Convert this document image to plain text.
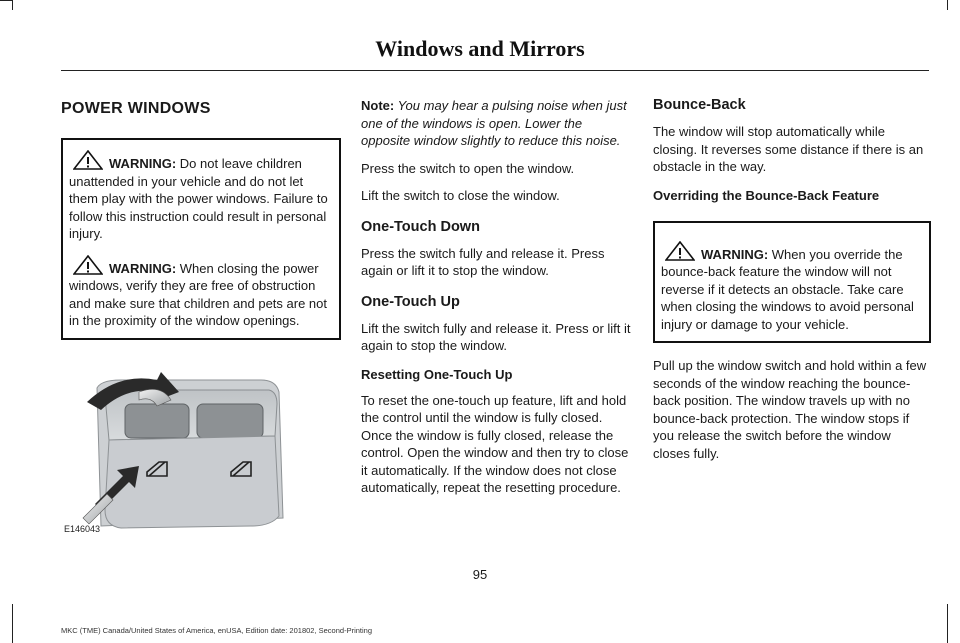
Windows and Mirrors
POWER WINDOWS

WARNING: Do not leave children unattended in your vehicle and do not let them play with the power windows. Failure to follow this instruction could result in personal injury.

WARNING: When closing the power windows, verify they are free of obstruction and make sure that children and pets are not in the proximity of the window openings.

E146043

Note: You may hear a pulsing noise when just one of the windows is open. Lower the opposite window slightly to reduce this noise.

Press the switch to open the window.

Lift the switch to close the window.

One-Touch Down

Press the switch fully and release it. Press again or lift it to stop the window.

One-Touch Up

Lift the switch fully and release it. Press or lift it again to stop the window.

Resetting One-Touch Up

To reset the one-touch up feature, lift and hold the control until the window is fully closed. Once the window is fully closed, release the control. Open the window and then try to close it automatically. If the window does not close automatically, repeat the resetting procedure.

Bounce-Back

The window will stop automatically while closing. It reverses some distance if there is an obstacle in the way.

Overriding the Bounce-Back Feature

WARNING: When you override the bounce-back feature the window will not reverse if it detects an obstacle. Take care when closing the windows to avoid personal injury or damage to your vehicle.

Pull up the window switch and hold within a few seconds of the window reaching the bounce-back position. The window travels up with no bounce-back protection. The window stops if you release the switch before the window closes fully.

95
MKC (TME) Canada/United States of America, enUSA, Edition date: 201802, Second-Printing
